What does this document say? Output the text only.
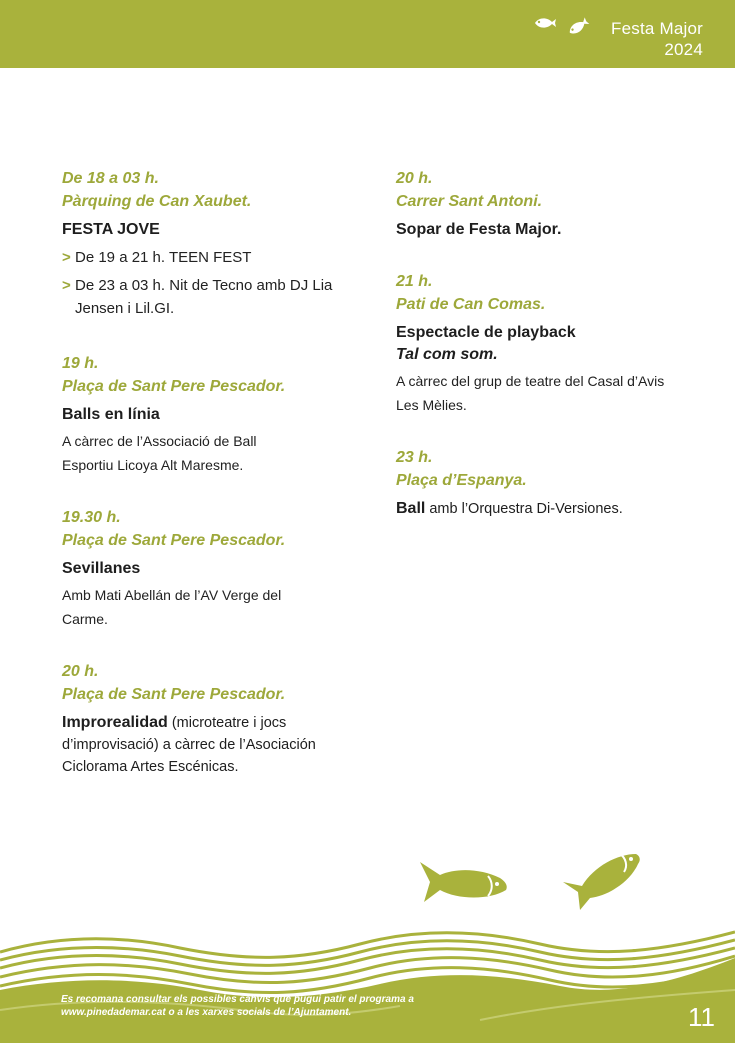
Festa Major
2024
De 18 a 03 h.
Pàrquing de Can Xaubet.
FESTA JOVE
> De 19 a 21 h. TEEN FEST
> De 23 a 03 h. Nit de Tecno amb DJ Lia Jensen i Lil.GI.
19 h.
Plaça de Sant Pere Pescador.
Balls en línia
A càrrec de l’Associació de Ball Esportiu Licoya Alt Maresme.
19.30 h.
Plaça de Sant Pere Pescador.
Sevillanes
Amb Mati Abellán de l’AV Verge del Carme.
20 h.
Plaça de Sant Pere Pescador.
Improrealidad (microteatre i jocs d’improvisació) a càrrec de l’Asociación Ciclorama Artes Escénicas.
20 h.
Carrer Sant Antoni.
Sopar de Festa Major.
21 h.
Pati de Can Comas.
Espectacle de playback
Tal com som.
A càrrec del grup de teatre del Casal d’Avis Les Mèlies.
23 h.
Plaça d’Espanya.
Ball amb l’Orquestra Di-Versiones.
Es recomana consultar els possibles canvis que pugui patir el programa a www.pinedademar.cat o a les xarxes socials de l’Ajuntament.	11
